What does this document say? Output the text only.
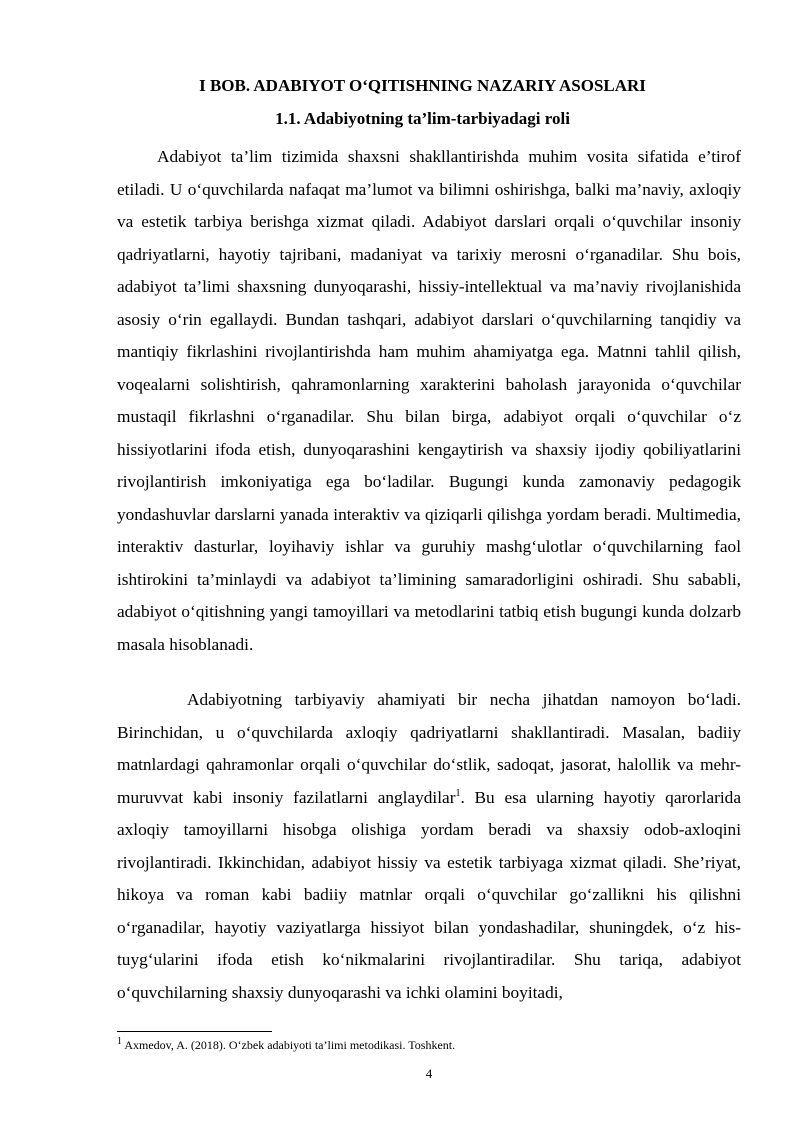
I BOB. ADABIYOT O‘QITISHNING NAZARIY ASOSLARI
1.1. Adabiyotning ta’lim-tarbiyadagi roli

Adabiyot ta’lim tizimida shaxsni shakllantirishda muhim vosita sifatida e’tirof etiladi. U o‘quvchilarda nafaqat ma’lumot va bilimni oshirishga, balki ma’naviy, axloqiy va estetik tarbiya berishga xizmat qiladi. Adabiyot darslari orqali o‘quvchilar insoniy qadriyatlarni, hayotiy tajribani, madaniyat va tarixiy merosni o‘rganadilar. Shu bois, adabiyot ta’limi shaxsning dunyoqarashi, hissiy-intellektual va ma’naviy rivojlanishida asosiy o‘rin egallaydi. Bundan tashqari, adabiyot darslari o‘quvchilarning tanqidiy va mantiqiy fikrlashini rivojlantirishda ham muhim ahamiyatga ega. Matnni tahlil qilish, voqealarni solishtirish, qahramonlarning xarakterini baholash jarayonida o‘quvchilar mustaqil fikrlashni o‘rganadilar. Shu bilan birga, adabiyot orqali o‘quvchilar o‘z hissiyotlarini ifoda etish, dunyoqarashini kengaytirish va shaxsiy ijodiy qobiliyatlarini rivojlantirish imkoniyatiga ega bo‘ladilar. Bugungi kunda zamonaviy pedagogik yondashuvlar darslarni yanada interaktiv va qiziqarli qilishga yordam beradi. Multimedia, interaktiv dasturlar, loyihaviy ishlar va guruhiy mashg‘ulotlar o‘quvchilarning faol ishtirokini ta’minlaydi va adabiyot ta’limining samaradorligini oshiradi. Shu sababli, adabiyot o‘qitishning yangi tamoyillari va metodlarini tatbiq etish bugungi kunda dolzarb masala hisoblanadi.

Adabiyotning tarbiyaviy ahamiyati bir necha jihatdan namoyon bo‘ladi. Birinchidan, u o‘quvchilarda axloqiy qadriyatlarni shakllantiradi. Masalan, badiiy matnlardagi qahramonlar orqali o‘quvchilar do‘stlik, sadoqat, jasorat, halollik va mehr-muruvvat kabi insoniy fazilatlarni anglaydilar$^1$. Bu esa ularning hayotiy qarorlarida axloqiy tamoyillarni hisobga olishiga yordam beradi va shaxsiy odob-axloqini rivojlantiradi. Ikkinchidan, adabiyot hissiy va estetik tarbiyaga xizmat qiladi. She’riyat, hikoya va roman kabi badiiy matnlar orqali o‘quvchilar go‘zallikni his qilishni o‘rganadilar, hayotiy vaziyatlarga hissiyot bilan yondashadilar, shuningdek, o‘z his-tuyg‘ularini ifoda etish ko‘nikmalarini rivojlantiradilar. Shu tariqa, adabiyot o‘quvchilarning shaxsiy dunyoqarashi va ichki olamini boyitadi,

$^1$ Axmedov, A. (2018). O‘zbek adabiyoti ta’limi metodikasi. Toshkent.

4
